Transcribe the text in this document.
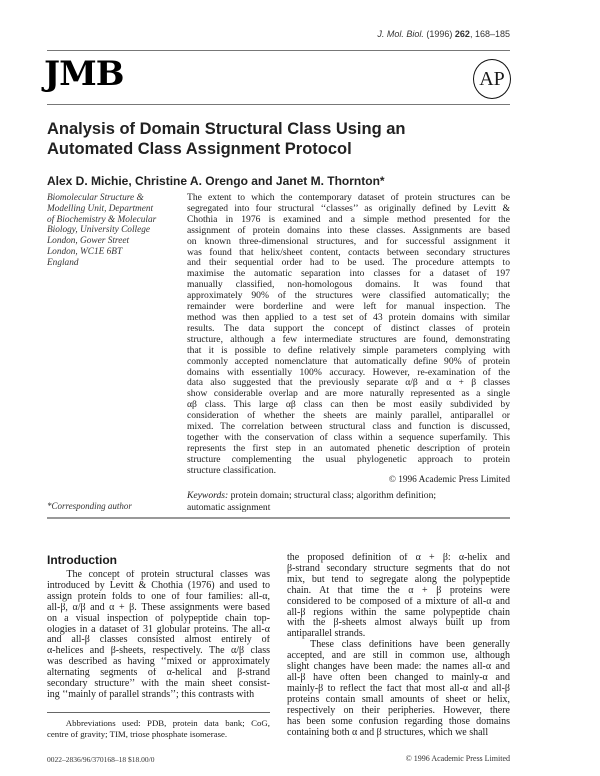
J. Mol. Biol. (1996) 262, 168–185
JMB	AP
Analysis of Domain Structural Class Using an
Automated Class Assignment Protocol
Alex D. Michie, Christine A. Orengo and Janet M. Thornton*
Biomolecular Structure &
Modelling Unit, Department
of Biochemistry & Molecular
Biology, University College
London, Gower Street
London, WC1E 6BT
England
*Corresponding author
The extent to which the contemporary dataset of protein structures can be
segregated into four structural ‘‘classes’’ as originally defined by Levitt &
Chothia in 1976 is examined and a simple method presented for the
assignment of protein domains into these classes. Assignments are based
on known three-dimensional structures, and for successful assignment it
was found that helix/sheet content, contacts between secondary structures
and their sequential order had to be used. The procedure attempts to
maximise the automatic separation into classes for a dataset of 197
manually classified, non-homologous domains. It was found that
approximately 90% of the structures were classified automatically; the
remainder were borderline and were left for manual inspection. The
method was then applied to a test set of 43 protein domains with similar
results. The data support the concept of distinct classes of protein
structure, although a few intermediate structures are found, demonstrating
that it is possible to define relatively simple parameters complying with
commonly accepted nomenclature that automatically define 90% of protein
domains with essentially 100% accuracy. However, re-examination of the
data also suggested that the previously separate α/β and α + β classes
show considerable overlap and are more naturally represented as a single
αβ class. This large αβ class can then be most easily subdivided by
consideration of whether the sheets are mainly parallel, antiparallel or
mixed. The correlation between structural class and function is discussed,
together with the conservation of class within a sequence superfamily. This
represents the first step in an automated phenetic description of protein
structure complementing the usual phylogenetic approach to protein
structure classification.
© 1996 Academic Press Limited
Keywords: protein domain; structural class; algorithm definition;
automatic assignment
Introduction
The concept of protein structural classes was
introduced by Levitt & Chothia (1976) and used to
assign protein folds to one of four families: all-α,
all-β, α/β and α + β. These assignments were based
on a visual inspection of polypeptide chain top-
ologies in a dataset of 31 globular proteins. The all-α
and all-β classes consisted almost entirely of
α-helices and β-sheets, respectively. The α/β class
was described as having ‘‘mixed or approximately
alternating segments of α-helical and β-strand
secondary structure’’ with the main sheet consist-
ing ‘‘mainly of parallel strands’’; this contrasts with
the proposed definition of α + β: α-helix and
β-strand secondary structure segments that do not
mix, but tend to segregate along the polypeptide
chain. At that time the α + β proteins were
considered to be composed of a mixture of all-α and
all-β regions within the same polypeptide chain
with the β-sheets almost always built up from
antiparallel strands.
These class definitions have been generally
accepted, and are still in common use, although
slight changes have been made: the names all-α and
all-β have often been changed to mainly-α and
mainly-β to reflect the fact that most all-α and all-β
proteins contain small amounts of sheet or helix,
respectively on their peripheries. However, there
has been some confusion regarding those domains
containing both α and β structures, which we shall
Abbreviations used: PDB, protein data bank; CoG,
centre of gravity; TIM, triose phosphate isomerase.
0022–2836/96/370168–18 $18.00/0	© 1996 Academic Press Limited
